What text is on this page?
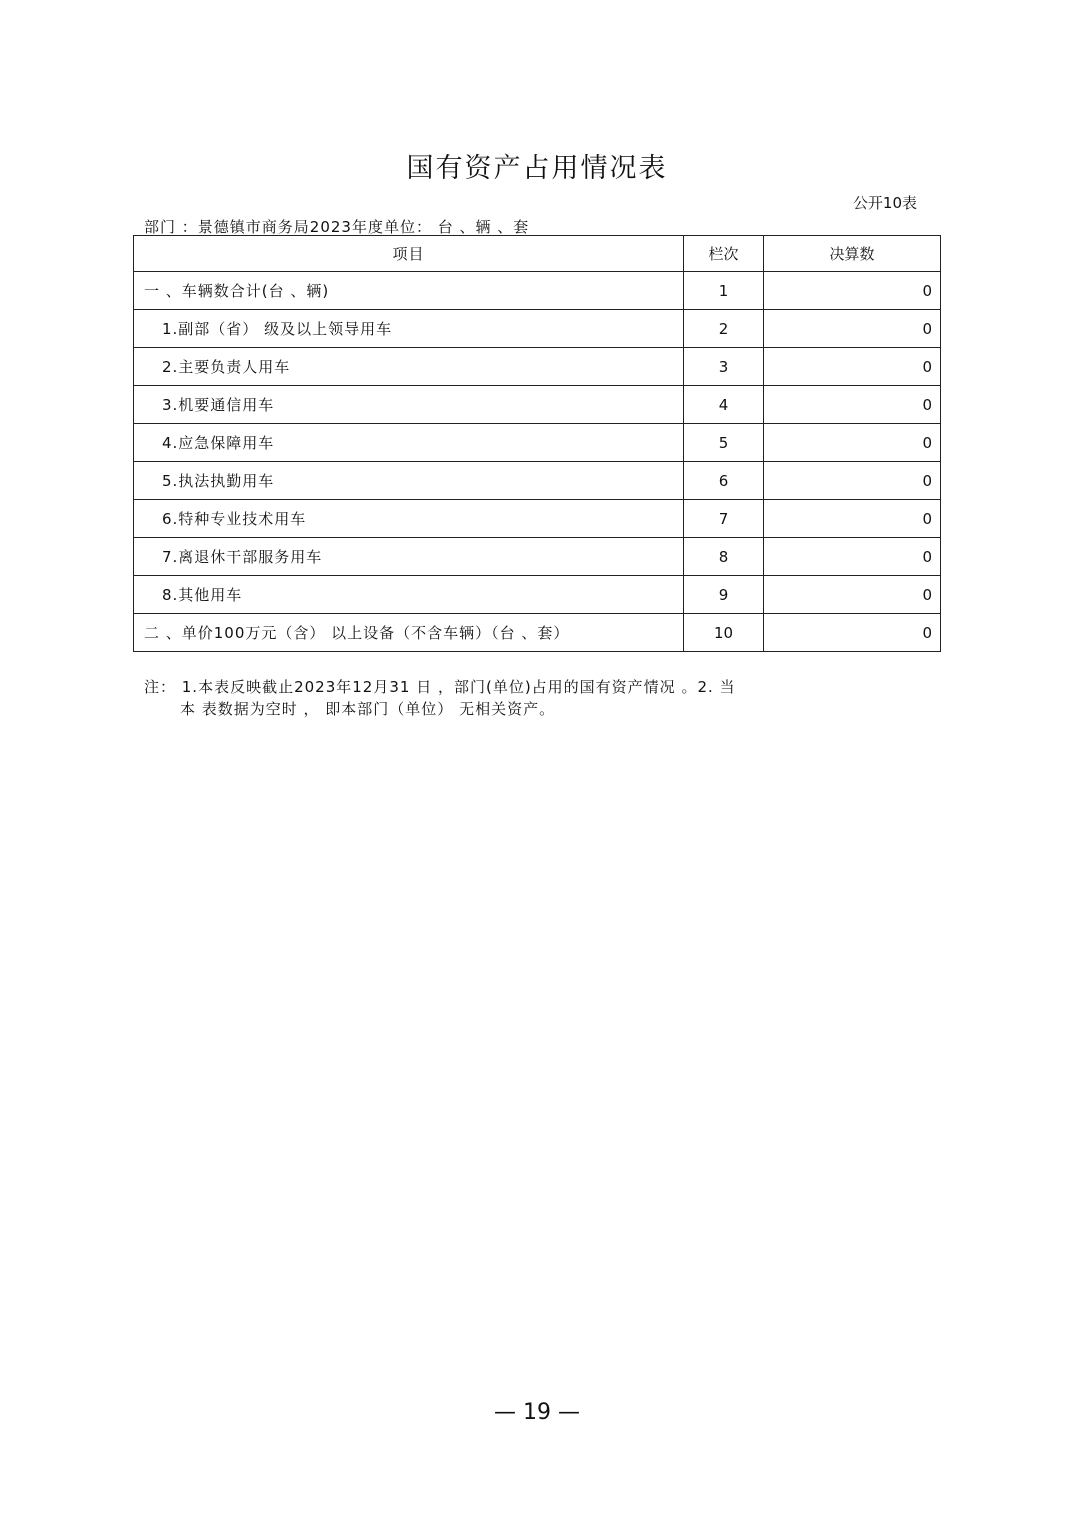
国有资产占用情况表
公开10表
部门 ：景德镇市商务局2023年度单位： 台 、辆 、套
项目	栏次	决算数
一 、车辆数合计(台 、辆)	1	0
1.副部（省） 级及以上领导用车	2	0
2.主要负责人用车	3	0
3.机要通信用车	4	0
4.应急保障用车	5	0
5.执法执勤用车	6	0
6.特种专业技术用车	7	0
7.离退休干部服务用车	8	0
8.其他用车	9	0
二 、单价100万元（含） 以上设备（不含车辆）（台 、套）	10	0
注： 1.本表反映截止2023年12月31 日 ，部门(单位)占用的国有资产情况 。2. 当
本 表数据为空时 ， 即本部门（单位） 无相关资产。
— 19 —
